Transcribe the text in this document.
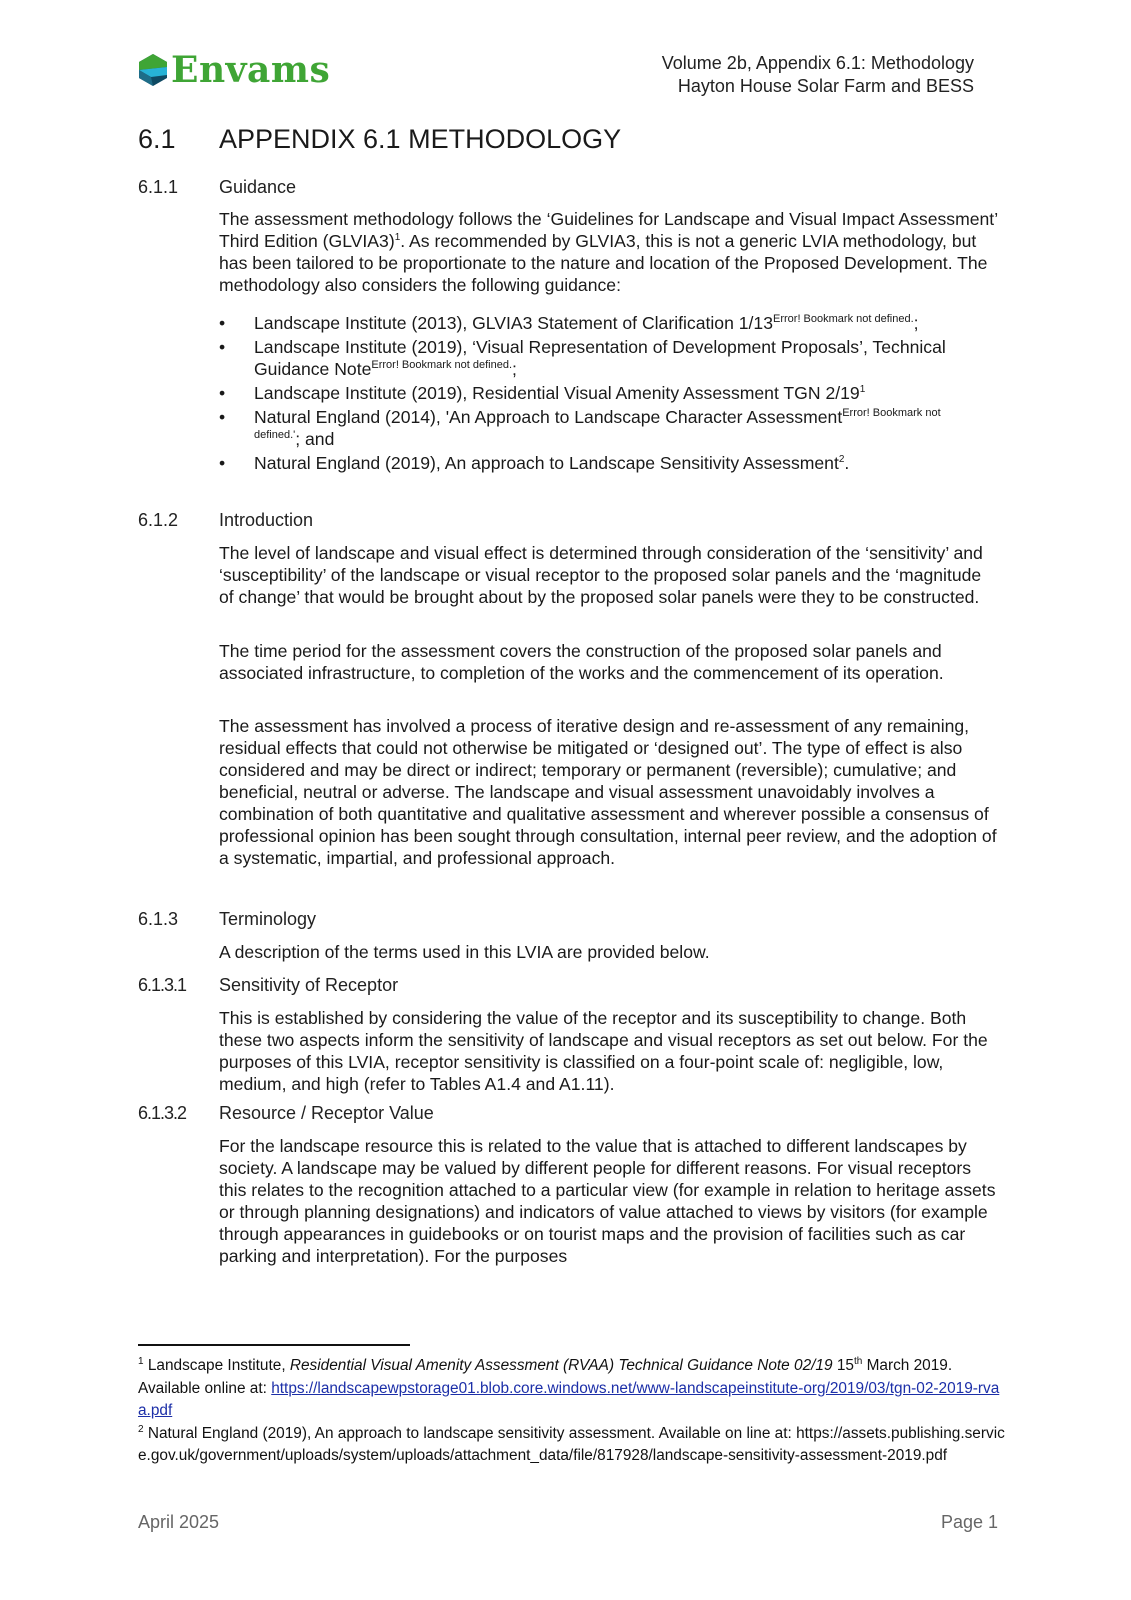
Envams	Volume 2b, Appendix 6.1: Methodology
Hayton House Solar Farm and BESS
6.1 APPENDIX 6.1 METHODOLOGY
6.1.1 Guidance

The assessment methodology follows the ‘Guidelines for Landscape and Visual Impact Assessment’ Third Edition (GLVIA3)$^1$. As recommended by GLVIA3, this is not a generic LVIA methodology, but has been tailored to be proportionate to the nature and location of the Proposed Development. The methodology also considers the following guidance:

• Landscape Institute (2013), GLVIA3 Statement of Clarification $1/13^{Error! Bookmark not defined.}$;
• Landscape Institute (2019), ‘Visual Representation of Development Proposals’, Technical Guidance Note$^{Error! Bookmark not defined.}$;
• Landscape Institute (2019), Residential Visual Amenity Assessment TGN $2/19^1$
• Natural England (2014), 'An Approach to Landscape Character Assessment$^{Error! Bookmark not defined.'}$; and
• Natural England (2019), An approach to Landscape Sensitivity Assessment$^2$.
6.1.2 Introduction

The level of landscape and visual effect is determined through consideration of the ‘sensitivity’ and ‘susceptibility’ of the landscape or visual receptor to the proposed solar panels and the ‘magnitude of change’ that would be brought about by the proposed solar panels were they to be constructed.

The time period for the assessment covers the construction of the proposed solar panels and associated infrastructure, to completion of the works and the commencement of its operation.

The assessment has involved a process of iterative design and re-assessment of any remaining, residual effects that could not otherwise be mitigated or ‘designed out’. The type of effect is also considered and may be direct or indirect; temporary or permanent (reversible); cumulative; and beneficial, neutral or adverse. The landscape and visual assessment unavoidably involves a combination of both quantitative and qualitative assessment and wherever possible a consensus of professional opinion has been sought through consultation, internal peer review, and the adoption of a systematic, impartial, and professional approach.

6.1.3 Terminology

A description of the terms used in this LVIA are provided below.

6.1.3.1 Sensitivity of Receptor

This is established by considering the value of the receptor and its susceptibility to change. Both these two aspects inform the sensitivity of landscape and visual receptors as set out below. For the purposes of this LVIA, receptor sensitivity is classified on a four-point scale of: negligible, low, medium, and high (refer to Tables A1.4 and A1.11).

6.1.3.2 Resource / Receptor Value

For the landscape resource this is related to the value that is attached to different landscapes by society. A landscape may be valued by different people for different reasons. For visual receptors this relates to the recognition attached to a particular view (for example in relation to heritage assets or through planning designations) and indicators of value attached to views by visitors (for example through appearances in guidebooks or on tourist maps and the provision of facilities such as car parking and interpretation). For the purposes

$^1$ Landscape Institute, Residential Visual Amenity Assessment (RVAA) Technical Guidance Note 02/19 15th March 2019. Available online at: https://landscapewpstorage01.blob.core.windows.net/www-landscapeinstitute-org/2019/03/tgn-02-2019-rvaa.pdf

$^2$ Natural England (2019), An approach to landscape sensitivity assessment. Available on line at: https://assets.publishing.service.gov.uk/government/uploads/system/uploads/attachment_data/file/817928/landscape-sensitivity-assessment-2019.pdf

April 2025	Page 1
